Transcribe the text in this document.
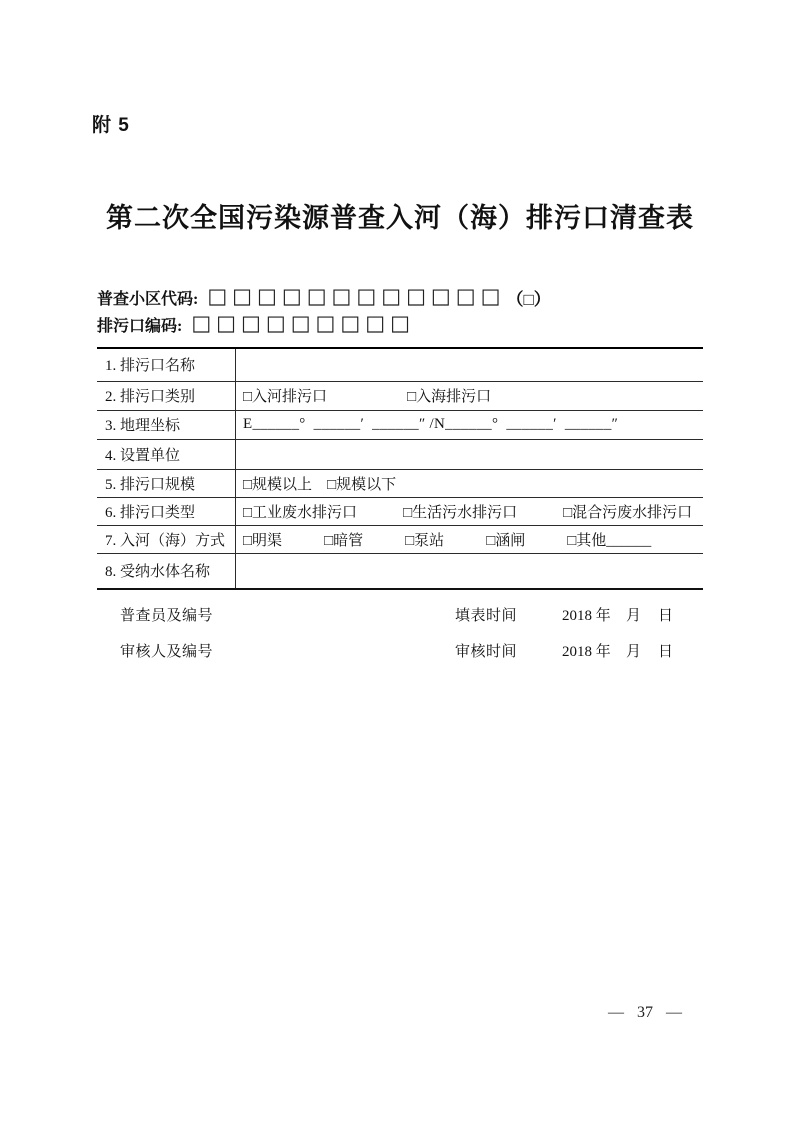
附 5
第二次全国污染源普查入河（海）排污口清查表
普查小区代码: □□□□□□□□□□□□ （□）
排污口编码: □□□□□□□□□
1. 排污口名称	
2. 排污口类别	□入河排污口 □入海排污口
3. 地理坐标	E______°  ______′  ______″ /N______°  ______′  ______″
4. 设置单位	
5. 排污口规模	□规模以上 □规模以下
6. 排污口类型	□工业废水排污口 □生活污水排污口 □混合污废水排污口
7. 入河（海）方式	□明渠 □暗管 □泵站 □涵闸 □其他______
8. 受纳水体名称	
普查员及编号	填表时间	2018 年 月 日
审核人及编号	审核时间	2018 年 月 日
— 37 —
